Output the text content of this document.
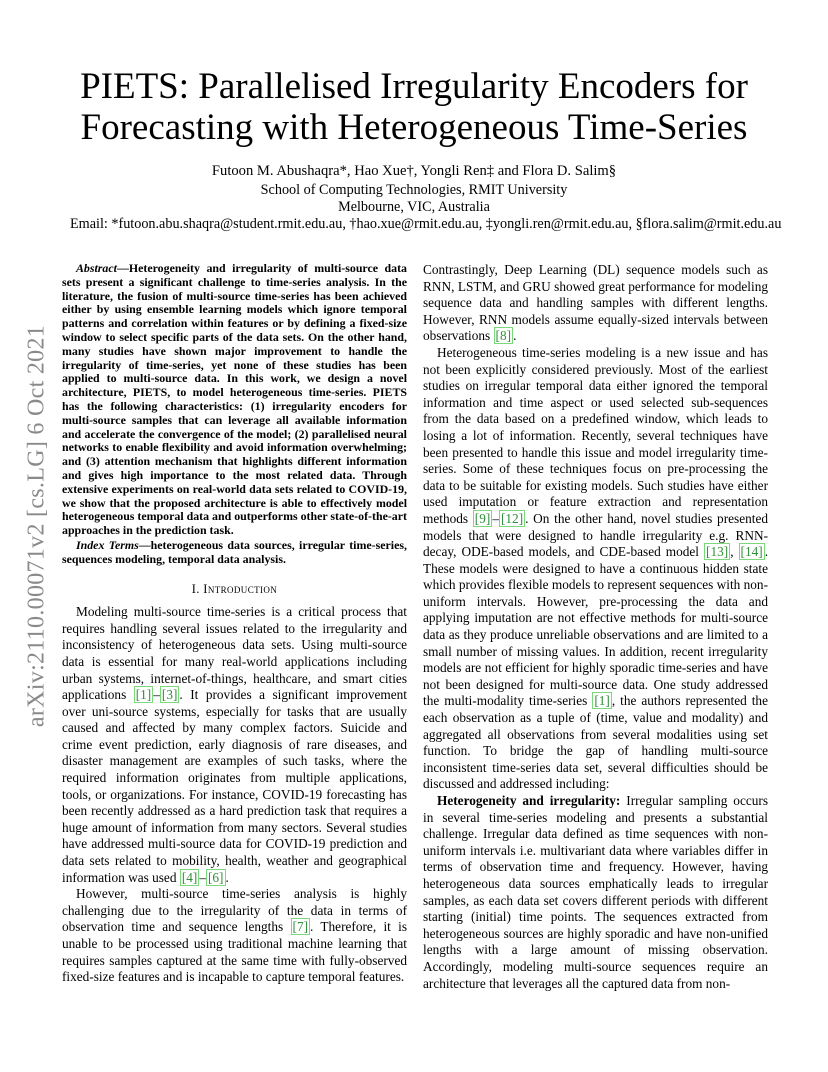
arXiv:2110.00071v2 [cs.LG] 6 Oct 2021
PIETS: Parallelised Irregularity Encoders for
Forecasting with Heterogeneous Time-Series
Futoon M. Abushaqra*, Hao Xue†, Yongli Ren‡ and Flora D. Salim§
School of Computing Technologies, RMIT University
Melbourne, VIC, Australia
Email: *futoon.abu.shaqra@student.rmit.edu.au, †hao.xue@rmit.edu.au, ‡yongli.ren@rmit.edu.au, §flora.salim@rmit.edu.au

Abstract—Heterogeneity and irregularity of multi-source data sets present a significant challenge to time-series analysis. In the literature, the fusion of multi-source time-series has been achieved either by using ensemble learning models which ignore temporal patterns and correlation within features or by defining a fixed-size window to select specific parts of the data sets. On the other hand, many studies have shown major improvement to handle the irregularity of time-series, yet none of these studies has been applied to multi-source data. In this work, we design a novel architecture, PIETS, to model heterogeneous time-series. PIETS has the following characteristics: (1) irregularity encoders for multi-source samples that can leverage all available information and accelerate the convergence of the model; (2) parallelised neural networks to enable flexibility and avoid information overwhelming; and (3) attention mechanism that highlights different information and gives high importance to the most related data. Through extensive experiments on real-world data sets related to COVID-19, we show that the proposed architecture is able to effectively model heterogeneous temporal data and outperforms other state-of-the-art approaches in the prediction task.

Index Terms—heterogeneous data sources, irregular time-series, sequences modeling, temporal data analysis.

I. Introduction

Modeling multi-source time-series is a critical process that requires handling several issues related to the irregularity and inconsistency of heterogeneous data sets. Using multi-source data is essential for many real-world applications including urban systems, internet-of-things, healthcare, and smart cities applications [1] – [3] . It provides a significant improvement over uni-source systems, especially for tasks that are usually caused and affected by many complex factors. Suicide and crime event prediction, early diagnosis of rare diseases, and disaster management are examples of such tasks, where the required information originates from multiple applications, tools, or organizations. For instance, COVID-19 forecasting has been recently addressed as a hard prediction task that requires a huge amount of information from many sectors. Several studies have addressed multi-source data for COVID-19 prediction and data sets related to mobility, health, weather and geographical information was used [4] – [6] .

However, multi-source time-series analysis is highly challenging due to the irregularity of the data in terms of observation time and sequence lengths [7] . Therefore, it is unable to be processed using traditional machine learning that requires samples captured at the same time with fully-observed fixed-size features and is incapable to capture temporal features.

Contrastingly, Deep Learning (DL) sequence models such as RNN, LSTM, and GRU showed great performance for modeling sequence data and handling samples with different lengths. However, RNN models assume equally-sized intervals between observations [8] .

Heterogeneous time-series modeling is a new issue and has not been explicitly considered previously. Most of the earliest studies on irregular temporal data either ignored the temporal information and time aspect or used selected sub-sequences from the data based on a predefined window, which leads to losing a lot of information. Recently, several techniques have been presented to handle this issue and model irregularity time-series. Some of these techniques focus on pre-processing the data to be suitable for existing models. Such studies have either used imputation or feature extraction and representation methods [9] – [12] . On the other hand, novel studies presented models that were designed to handle irregularity e.g. RNN-decay, ODE-based models, and CDE-based model [13] , [14] . These models were designed to have a continuous hidden state which provides flexible models to represent sequences with non-uniform intervals. However, pre-processing the data and applying imputation are not effective methods for multi-source data as they produce unreliable observations and are limited to a small number of missing values. In addition, recent irregularity models are not efficient for highly sporadic time-series and have not been designed for multi-source data. One study addressed the multi-modality time-series [1] , the authors represented the each observation as a tuple of (time, value and modality) and aggregated all observations from several modalities using set function. To bridge the gap of handling multi-source inconsistent time-series data set, several difficulties should be discussed and addressed including:

Heterogeneity and irregularity: Irregular sampling occurs in several time-series modeling and presents a substantial challenge. Irregular data defined as time sequences with non-uniform intervals i.e. multivariant data where variables differ in terms of observation time and frequency. However, having heterogeneous data sources emphatically leads to irregular samples, as each data set covers different periods with different starting (initial) time points. The sequences extracted from heterogeneous sources are highly sporadic and have non-unified lengths with a large amount of missing observation. Accordingly, modeling multi-source sequences require an architecture that leverages all the captured data from non-
